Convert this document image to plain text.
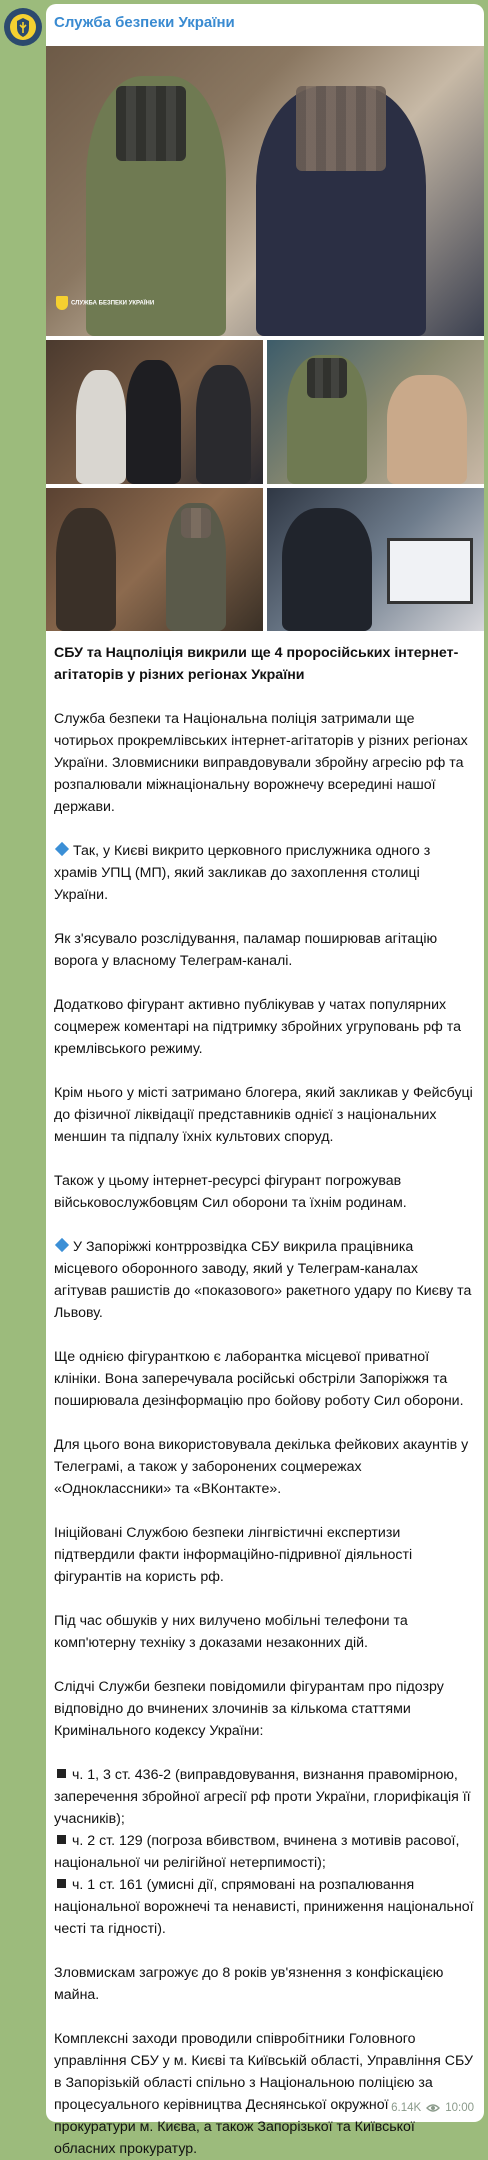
Служба безпеки України
СЛУЖБА БЕЗПЕКИ УКРАЇНИ

СБУ та Нацполіція викрили ще 4 проросійських інтернет-агітаторів у різних регіонах України

Служба безпеки та Національна поліція затримали ще чотирьох прокремлівських інтернет-агітаторів у різних регіонах України. Зловмисники виправдовували збройну агресію рф та розпалювали міжнаціональну ворожнечу всередині нашої держави.

Так, у Києві викрито церковного прислужника одного з храмів УПЦ (МП), який закликав до захоплення столиці України.

Як з'ясувало розслідування, паламар поширював агітацію ворога у власному Телеграм-каналі.

Додатково фігурант активно публікував у чатах популярних соцмереж коментарі на підтримку збройних угруповань рф та кремлівського режиму.

Крім нього у місті затримано блогера, який закликав у Фейсбуці до фізичної ліквідації представників однієї з національних меншин та підпалу їхніх культових споруд.

Також у цьому інтернет-ресурсі фігурант погрожував військовослужбовцям Сил оборони та їхнім родинам.

У Запоріжжі контррозвідка СБУ викрила працівника місцевого оборонного заводу, який у Телеграм-каналах агітував рашистів до «показового» ракетного удару по Києву та Львову.

Ще однією фігуранткою є лаборантка місцевої приватної клініки. Вона заперечувала російські обстріли Запоріжжя та поширювала дезінформацію про бойову роботу Сил оборони.

Для цього вона використовувала декілька фейкових акаунтів у Телеграмі, а також у заборонених соцмережах «Одноклассники» та «ВКонтакте».

Ініційовані Службою безпеки лінгвістичні експертизи підтвердили факти інформаційно-підривної діяльності фігурантів на користь рф.

Під час обшуків у них вилучено мобільні телефони та комп'ютерну техніку з доказами незаконних дій.

Слідчі Служби безпеки повідомили фігурантам про підозру відповідно до вчинених злочинів за кількома статтями Кримінального кодексу України:

ч. 1, 3 ст. 436-2 (виправдовування, визнання правомірною, заперечення збройної агресії рф проти України, глорифікація її учасників);

ч. 2 ст. 129 (погроза вбивством, вчинена з мотивів расової, національної чи релігійної нетерпимості);

ч. 1 ст. 161 (умисні дії, спрямовані на розпалювання національної ворожнечі та ненависті, приниження національної честі та гідності).

Зловмискам загрожує до 8 років ув'язнення з конфіскацією майна.

Комплексні заходи проводили співробітники Головного управління СБУ у м. Києві та Київській області, Управління СБУ в Запорізькій області спільно з Національною поліцією за процесуального керівництва Деснянської окружної прокуратури м. Києва, а також Запорізької та Київської обласних прокуратур.

6.14K 10:00
